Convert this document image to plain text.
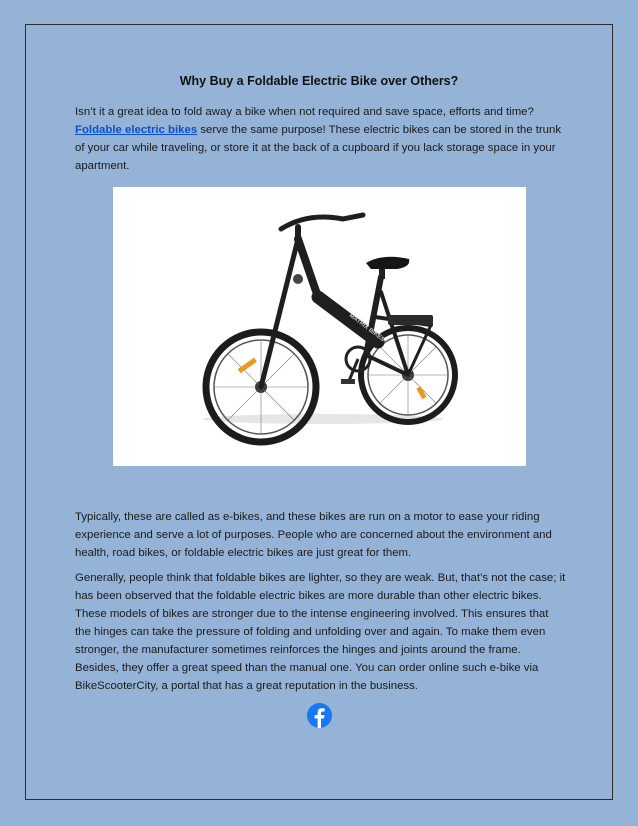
Why Buy a Foldable Electric Bike over Others?

Isn’t it a great idea to fold away a bike when not required and save space, efforts and time?
Foldable electric bikes serve the same purpose! These electric bikes can be stored in the trunk of your car while traveling, or store it at the back of a cupboard if you lack storage space in your apartment.

MATRIX BIKES

Typically, these are called as e-bikes, and these bikes are run on a motor to ease your riding experience and serve a lot of purposes. People who are concerned about the environment and health, road bikes, or foldable electric bikes are just great for them.

Generally, people think that foldable bikes are lighter, so they are weak. But, that’s not the case; it has been observed that the foldable electric bikes are more durable than other electric bikes. These models of bikes are stronger due to the intense engineering involved. This ensures that the hinges can take the pressure of folding and unfolding over and again. To make them even stronger, the manufacturer sometimes reinforces the hinges and joints around the frame. Besides, they offer a great speed than the manual one. You can order online such e-bike via BikeScooterCity, a portal that has a great reputation in the business.
